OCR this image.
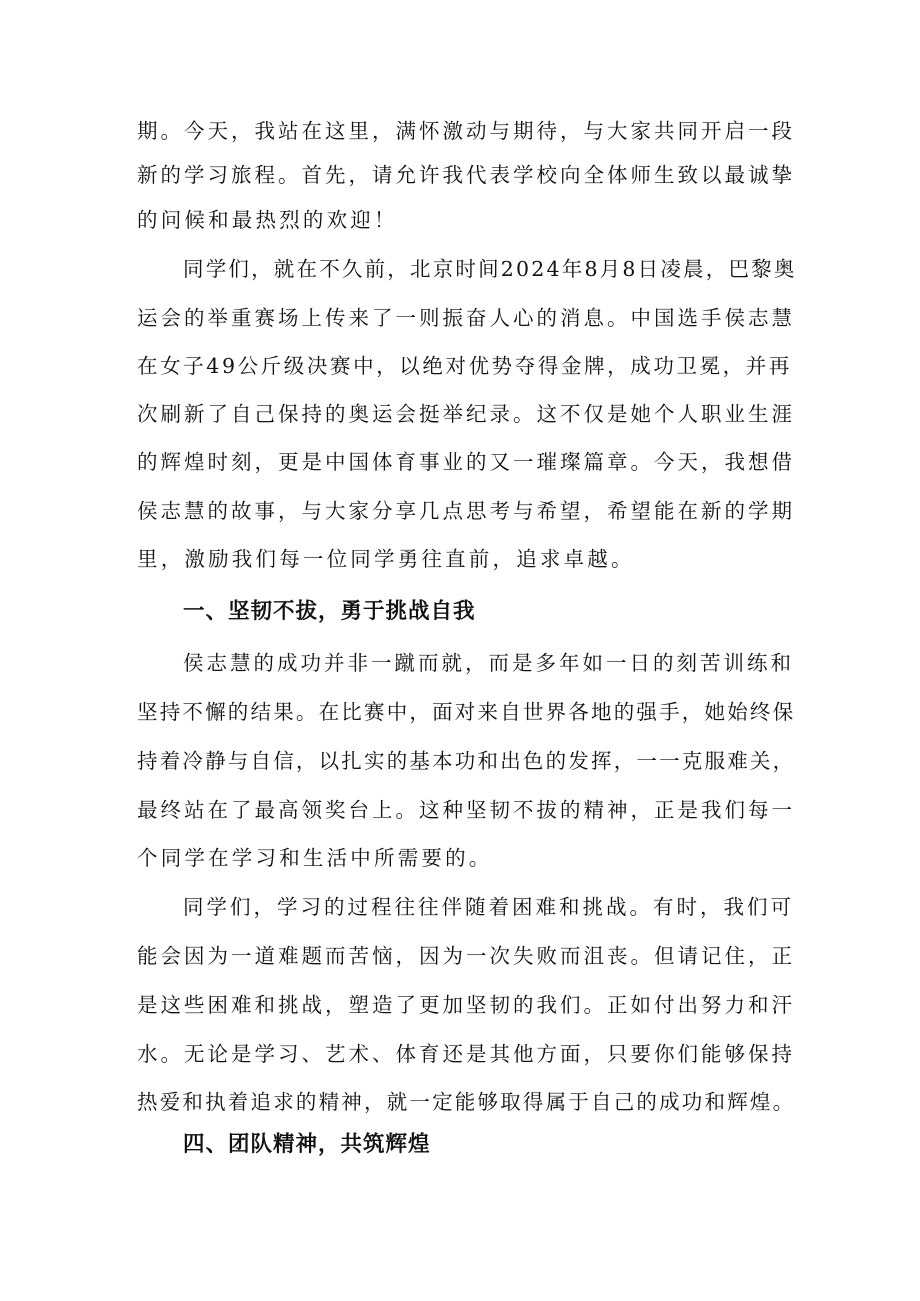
期。今天，我站在这里，满怀激动与期待，与大家共同开启一段
新的学习旅程。首先，请允许我代表学校向全体师生致以最诚挚
的问候和最热烈的欢迎！
同学们，就在不久前，北京时间2024年8月8日凌晨，巴黎奥
运会的举重赛场上传来了一则振奋人心的消息。中国选手侯志慧
在女子49公斤级决赛中，以绝对优势夺得金牌，成功卫冕，并再
次刷新了自己保持的奥运会挺举纪录。这不仅是她个人职业生涯
的辉煌时刻，更是中国体育事业的又一璀璨篇章。今天，我想借
侯志慧的故事，与大家分享几点思考与希望，希望能在新的学期
里，激励我们每一位同学勇往直前，追求卓越。
一、坚韧不拔，勇于挑战自我
侯志慧的成功并非一蹴而就，而是多年如一日的刻苦训练和
坚持不懈的结果。在比赛中，面对来自世界各地的强手，她始终保
持着冷静与自信，以扎实的基本功和出色的发挥，一一克服难关，
最终站在了最高领奖台上。这种坚韧不拔的精神，正是我们每一
个同学在学习和生活中所需要的。
同学们，学习的过程往往伴随着困难和挑战。有时，我们可
能会因为一道难题而苦恼，因为一次失败而沮丧。但请记住，正
是这些困难和挑战，塑造了更加坚韧的我们。正如付出努力和汗
水。无论是学习、艺术、体育还是其他方面，只要你们能够保持
热爱和执着追求的精神，就一定能够取得属于自己的成功和辉煌。
四、团队精神，共筑辉煌
